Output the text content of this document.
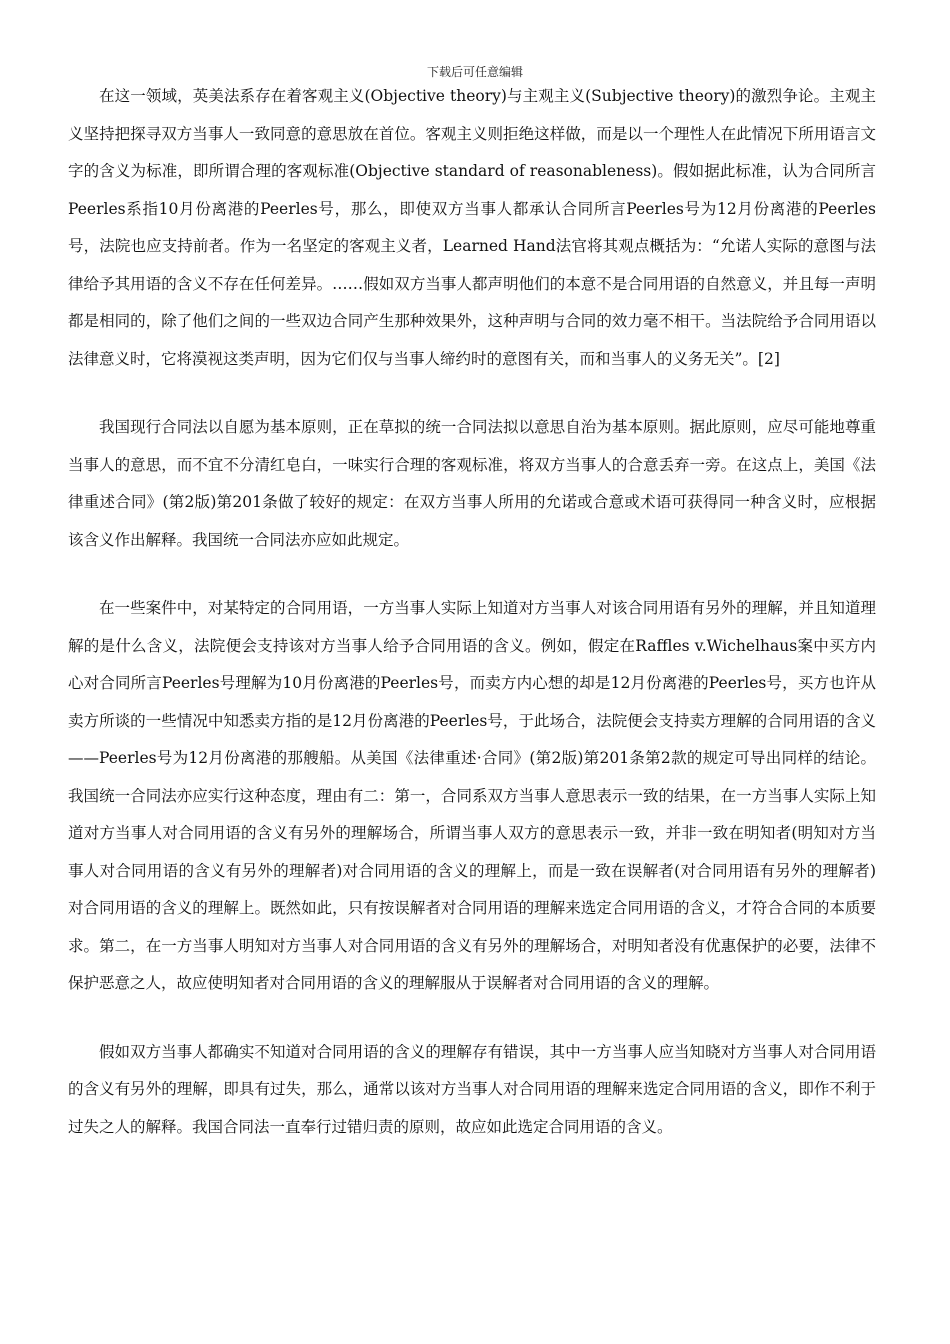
下载后可任意编辑

在这一领域，英美法系存在着客观主义(Objective theory)与主观主义(Subjective theory)的激烈争论。主观主义坚持把探寻双方当事人一致同意的意思放在首位。客观主义则拒绝这样做，而是以一个理性人在此情况下所用语言文字的含义为标准，即所谓合理的客观标准(Objective standard of reasonableness)。假如据此标准，认为合同所言Peerles系指10月份离港的Peerles号，那么，即使双方当事人都承认合同所言Peerles号为12月份离港的Peerles号，法院也应支持前者。作为一名坚定的客观主义者，Learned Hand法官将其观点概括为：“允诺人实际的意图与法律给予其用语的含义不存在任何差异。……假如双方当事人都声明他们的本意不是合同用语的自然意义，并且每一声明都是相同的，除了他们之间的一些双边合同产生那种效果外，这种声明与合同的效力毫不相干。当法院给予合同用语以法律意义时，它将漠视这类声明，因为它们仅与当事人缔约时的意图有关，而和当事人的义务无关”。[2]

我国现行合同法以自愿为基本原则，正在草拟的统一合同法拟以意思自治为基本原则。据此原则，应尽可能地尊重当事人的意思，而不宜不分清红皂白，一味实行合理的客观标准，将双方当事人的合意丢弃一旁。在这点上，美国《法律重述合同》(第2版)第201条做了较好的规定：在双方当事人所用的允诺或合意或术语可获得同一种含义时，应根据该含义作出解释。我国统一合同法亦应如此规定。

在一些案件中，对某特定的合同用语，一方当事人实际上知道对方当事人对该合同用语有另外的理解，并且知道理解的是什么含义，法院便会支持该对方当事人给予合同用语的含义。例如，假定在Raffles v.Wichelhaus案中买方内心对合同所言Peerles号理解为10月份离港的Peerles号，而卖方内心想的却是12月份离港的Peerles号，买方也许从卖方所谈的一些情况中知悉卖方指的是12月份离港的Peerles号，于此场合，法院便会支持卖方理解的合同用语的含义——Peerles号为12月份离港的那艘船。从美国《法律重述·合同》(第2版)第201条第2款的规定可导出同样的结论。我国统一合同法亦应实行这种态度，理由有二：第一，合同系双方当事人意思表示一致的结果，在一方当事人实际上知道对方当事人对合同用语的含义有另外的理解场合，所谓当事人双方的意思表示一致，并非一致在明知者(明知对方当事人对合同用语的含义有另外的理解者)对合同用语的含义的理解上，而是一致在误解者(对合同用语有另外的理解者)对合同用语的含义的理解上。既然如此，只有按误解者对合同用语的理解来选定合同用语的含义，才符合合同的本质要求。第二，在一方当事人明知对方当事人对合同用语的含义有另外的理解场合，对明知者没有优惠保护的必要，法律不保护恶意之人，故应使明知者对合同用语的含义的理解服从于误解者对合同用语的含义的理解。

假如双方当事人都确实不知道对合同用语的含义的理解存有错误，其中一方当事人应当知晓对方当事人对合同用语的含义有另外的理解，即具有过失，那么，通常以该对方当事人对合同用语的理解来选定合同用语的含义，即作不利于过失之人的解释。我国合同法一直奉行过错归责的原则，故应如此选定合同用语的含义。
